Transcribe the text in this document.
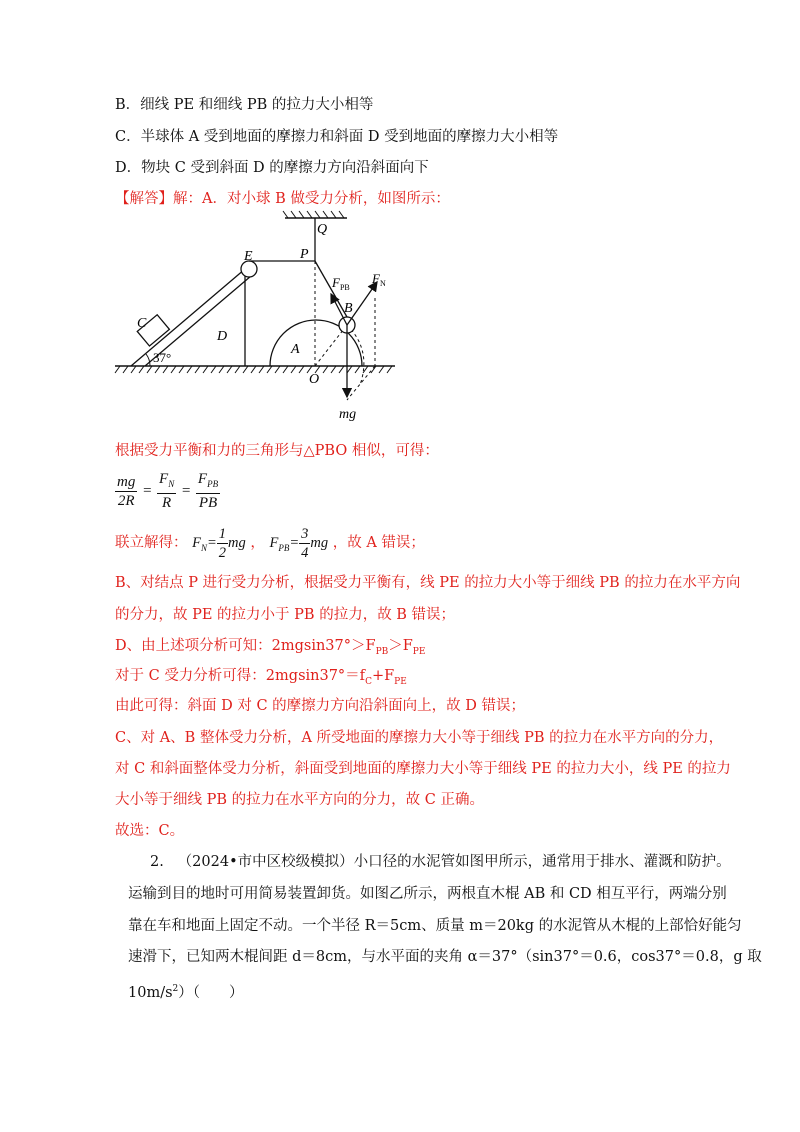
B．细线 PE 和细线 PB 的拉力大小相等
C．半球体 A 受到地面的摩擦力和斜面 D 受到地面的摩擦力大小相等
D．物块 C 受到斜面 D 的摩擦力方向沿斜面向下
【解答】解：A．对小球 B 做受力分析，如图所示：
Q
P
E
C
D
A
B
O
37°
mg
$F_{PB}$
$F_N$
根据受力平衡和力的三角形与△PBO 相似，可得：
$\frac{mg}{2R} = \frac{F_N}{R} = \frac{F_{PB}}{PB}$
联立解得： $F_N= \frac{1}{2}$ mg ， $F_{PB}= \frac{3}{4}$ mg ，故 A 错误；
B、对结点 P 进行受力分析，根据受力平衡有，线 PE 的拉力大小等于细线 PB 的拉力在水平方向
的分力，故 PE 的拉力小于 PB 的拉力，故 B 错误；
D、由上述项分析可知：$2mgsin37^\circ>F_{PB}>F_{PE}$
对于 C 受力分析可得：$2mgsin37^\circ=f_C+F_{PE}$
由此可得：斜面 D 对 C 的摩擦力方向沿斜面向上，故 D 错误；
C、对 A、B 整体受力分析，A 所受地面的摩擦力大小等于细线 PB 的拉力在水平方向的分力，
对 C 和斜面整体受力分析，斜面受到地面的摩擦力大小等于细线 PE 的拉力大小，线 PE 的拉力
大小等于细线 PB 的拉力在水平方向的分力，故 C 正确。
故选：C。
2. （2024•市中区校级模拟）小口径的水泥管如图甲所示，通常用于排水、灌溉和防护。
运输到目的地时可用简易装置卸货。如图乙所示，两根直木棍 AB 和 CD 相互平行，两端分别
靠在车和地面上固定不动。一个半径 R＝5cm、质量 m＝20kg 的水泥管从木棍的上部恰好能匀
速滑下，已知两木棍间距 d＝8cm，与水平面的夹角 α＝37°（sin37°＝0.6，cos37°＝0.8，g 取
$10m/s^2$）（　　）
